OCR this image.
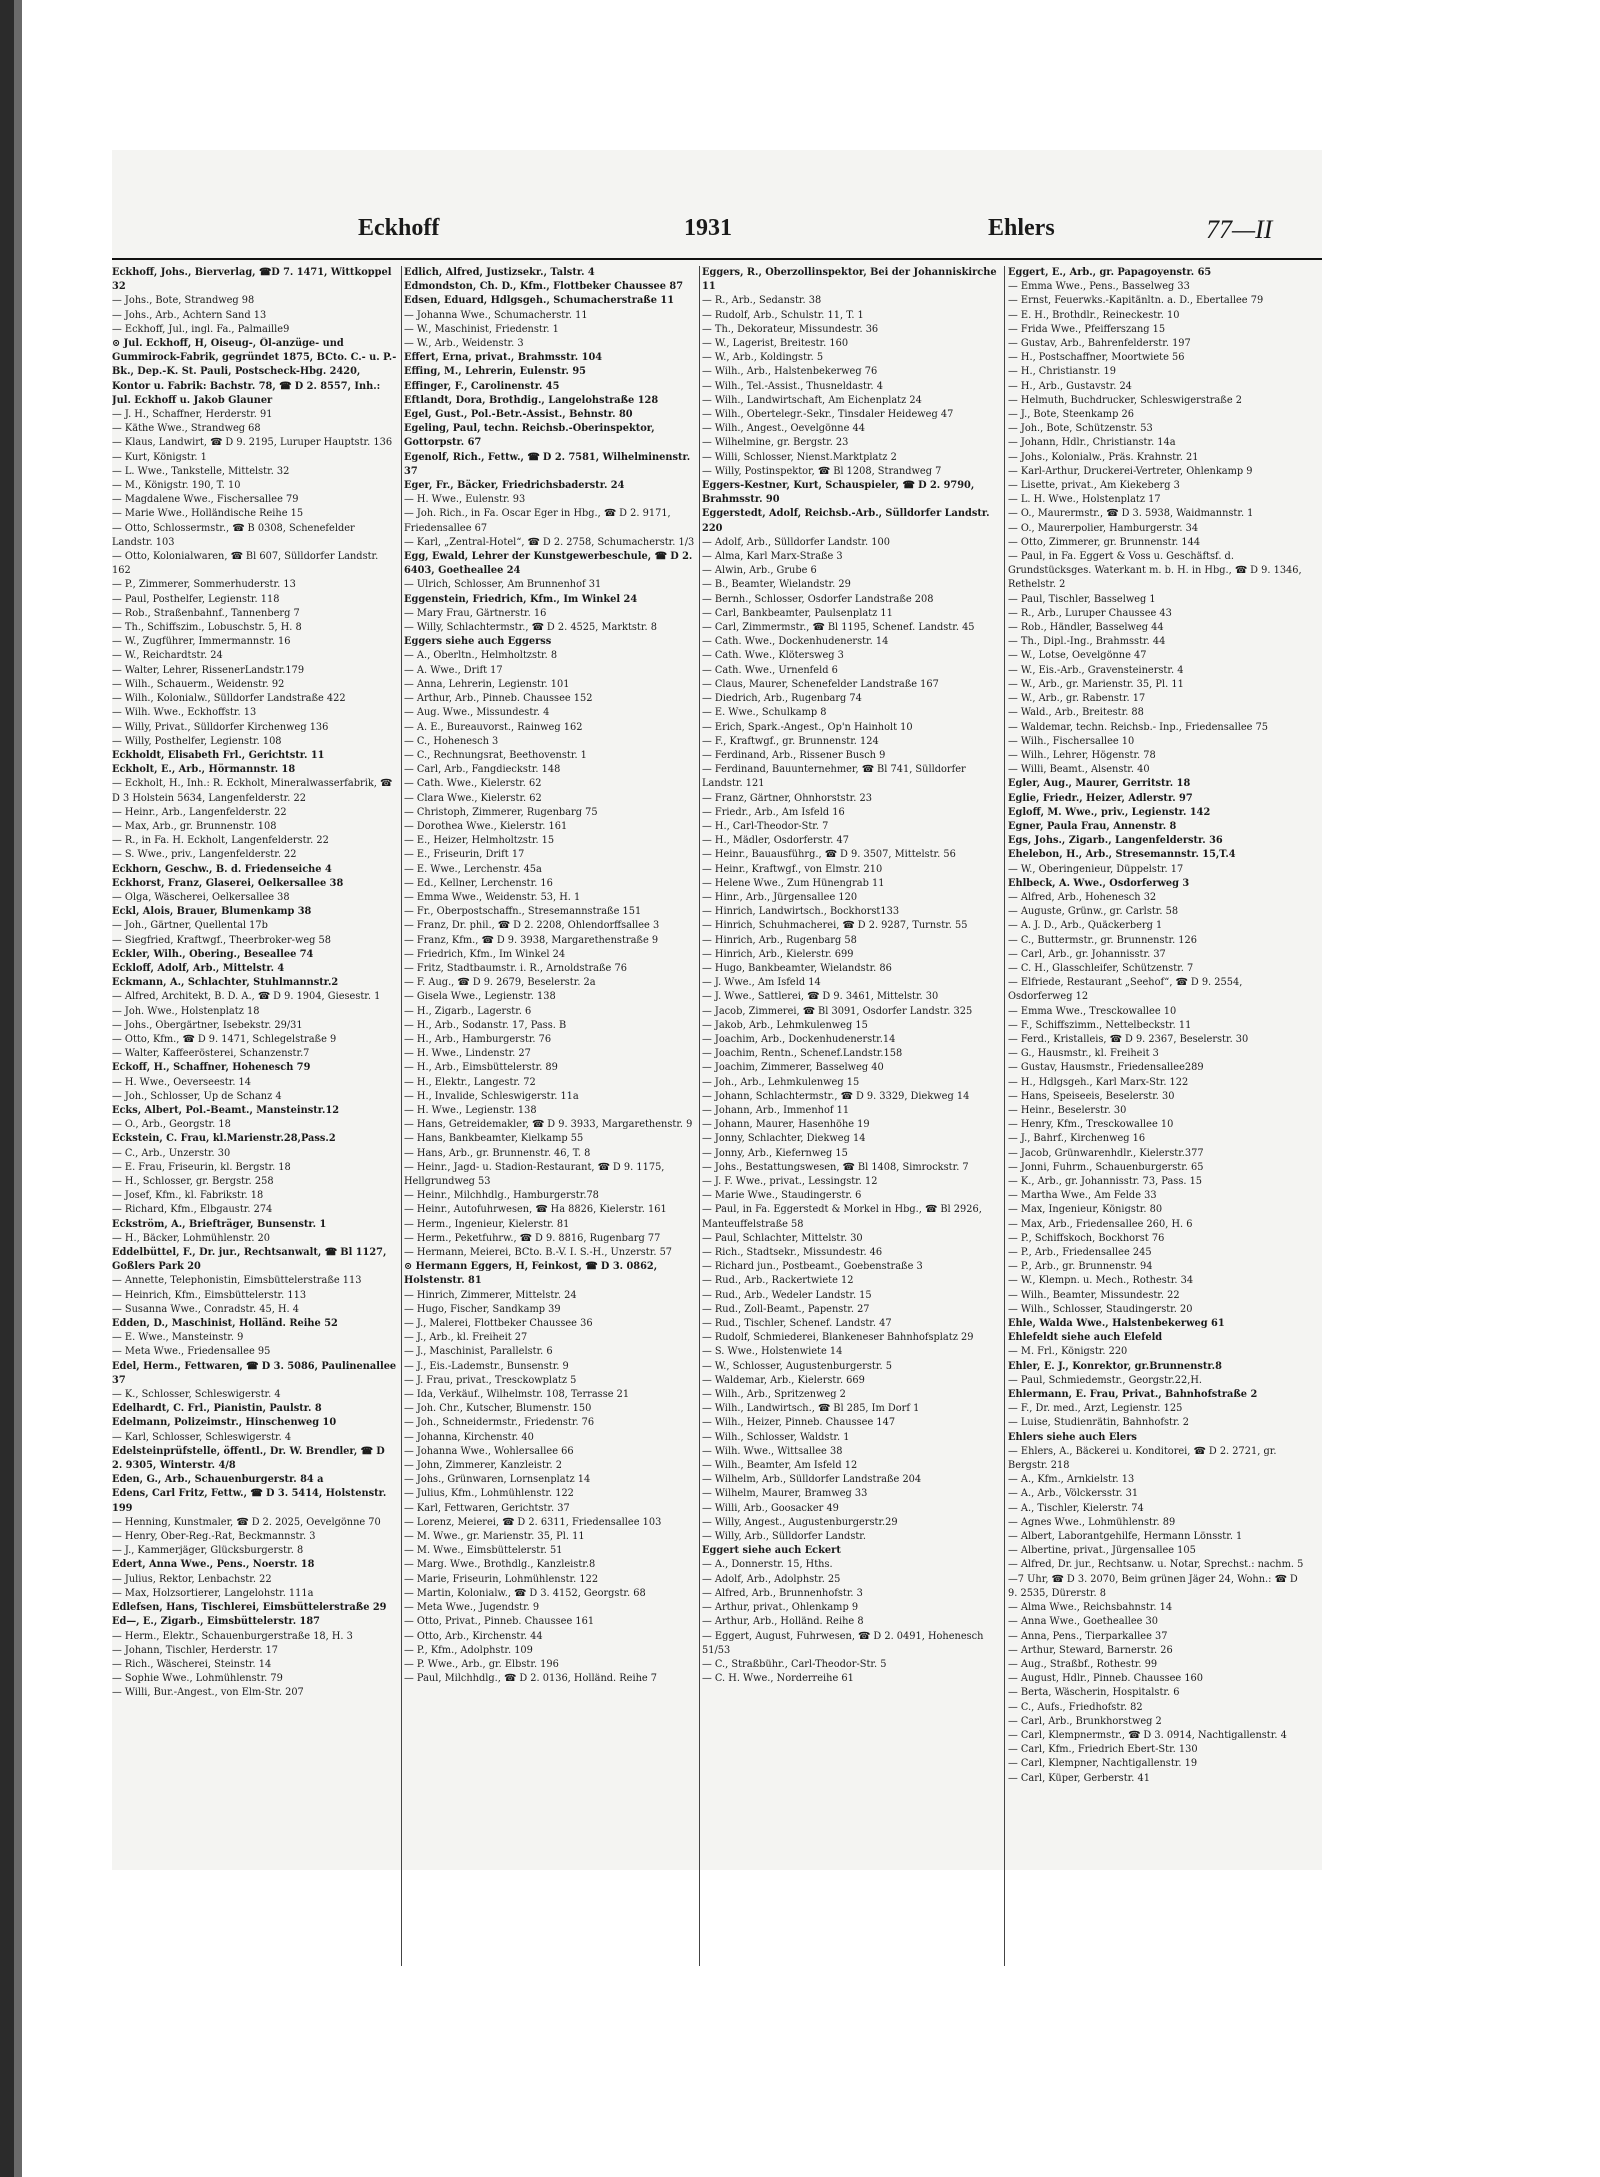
Eckhoff	1931	Ehlers	77—II
Eckhoff, Johs., Bierverlag, ☎D 7. 1471, Wittkoppel 32
— Johs., Bote, Strandweg 98
— Johs., Arb., Achtern Sand 13
— Eckhoff, Jul., ingl. Fa., Palmaille9
⊙ Jul. Eckhoff, H, Oiseug-, Öl-anzüge- und Gummirock-Fabrik, gegründet 1875, BCto. C.- u. P.-Bk., Dep.-K. St. Pauli, Postscheck-Hbg. 2420, Kontor u. Fabrik: Bachstr. 78, ☎ D 2. 8557, Inh.: Jul. Eckhoff u. Jakob Glauner
— J. H., Schaffner, Herderstr. 91
— Käthe Wwe., Strandweg 68
— Klaus, Landwirt, ☎ D 9. 2195, Luruper Hauptstr. 136
— Kurt, Königstr. 1
— L. Wwe., Tankstelle, Mittelstr. 32
— M., Königstr. 190, T. 10
— Magdalene Wwe., Fischersallee 79
— Marie Wwe., Holländische Reihe 15
— Otto, Schlossermstr., ☎ B 0308, Schenefelder Landstr. 103
— Otto, Kolonialwaren, ☎ Bl 607, Sülldorfer Landstr. 162
— P., Zimmerer, Sommerhuderstr. 13
— Paul, Posthelfer, Legienstr. 118
— Rob., Straßenbahnf., Tannenberg 7
— Th., Schiffszim., Lobuschstr. 5, H. 8
— W., Zugführer, Immermannstr. 16
— W., Reichardtstr. 24
— Walter, Lehrer, RissenerLandstr.179
— Wilh., Schauerm., Weidenstr. 92
— Wilh., Kolonialw., Sülldorfer Landstraße 422
— Wilh. Wwe., Eckhoffstr. 13
— Willy, Privat., Sülldorfer Kirchenweg 136
— Willy, Posthelfer, Legienstr. 108
Eckholdt, Elisabeth Frl., Gerichtstr. 11
Eckholt, E., Arb., Hörmannstr. 18
— Eckholt, H., Inh.: R. Eckholt, Mineralwasserfabrik, ☎ D 3 Holstein 5634, Langenfelderstr. 22
— Heinr., Arb., Langenfelderstr. 22
— Max, Arb., gr. Brunnenstr. 108
— R., in Fa. H. Eckholt, Langenfelderstr. 22
— S. Wwe., priv., Langenfelderstr. 22
Eckhorn, Geschw., B. d. Friedenseiche 4
Eckhorst, Franz, Glaserei, Oelkersallee 38
— Olga, Wäscherei, Oelkersallee 38
Eckl, Alois, Brauer, Blumenkamp 38
— Joh., Gärtner, Quellental 17b
— Siegfried, Kraftwgf., Theerbroker-weg 58
Eckler, Wilh., Obering., Beseallee 74
Eckloff, Adolf, Arb., Mittelstr. 4
Eckmann, A., Schlachter, Stuhlmannstr.2
— Alfred, Architekt, B. D. A., ☎ D 9. 1904, Giesestr. 1
— Joh. Wwe., Holstenplatz 18
— Johs., Obergärtner, Isebekstr. 29/31
— Otto, Kfm., ☎ D 9. 1471, Schlegelstraße 9
— Walter, Kaffeerösterei, Schanzenstr.7
Eckoff, H., Schaffner, Hohenesch 79
— H. Wwe., Oeverseestr. 14
— Joh., Schlosser, Up de Schanz 4
Ecks, Albert, Pol.-Beamt., Mansteinstr.12
— O., Arb., Georgstr. 18
Eckstein, C. Frau, kl.Marienstr.28,Pass.2
— C., Arb., Unzerstr. 30
— E. Frau, Friseurin, kl. Bergstr. 18
— H., Schlosser, gr. Bergstr. 258
— Josef, Kfm., kl. Fabrikstr. 18
— Richard, Kfm., Elbgaustr. 274
Eckström, A., Briefträger, Bunsenstr. 1
— H., Bäcker, Lohmühlenstr. 20
Eddelbüttel, F., Dr. jur., Rechtsanwalt, ☎ Bl 1127, Goßlers Park 20
— Annette, Telephonistin, Eimsbüttelerstraße 113
— Heinrich, Kfm., Eimsbüttelerstr. 113
— Susanna Wwe., Conradstr. 45, H. 4
Edden, D., Maschinist, Holländ. Reihe 52
— E. Wwe., Mansteinstr. 9
— Meta Wwe., Friedensallee 95
Edel, Herm., Fettwaren, ☎ D 3. 5086, Paulinenallee 37
— K., Schlosser, Schleswigerstr. 4
Edelhardt, C. Frl., Pianistin, Paulstr. 8
Edelmann, Polizeimstr., Hinschenweg 10
— Karl, Schlosser, Schleswigerstr. 4
Edelsteinprüfstelle, öffentl., Dr. W. Brendler, ☎ D 2. 9305, Winterstr. 4/8
Eden, G., Arb., Schauenburgerstr. 84 a
Edens, Carl Fritz, Fettw., ☎ D 3. 5414, Holstenstr. 199
— Henning, Kunstmaler, ☎ D 2. 2025, Oevelgönne 70
— Henry, Ober-Reg.-Rat, Beckmannstr. 3
— J., Kammerjäger, Glücksburgerstr. 8
Edert, Anna Wwe., Pens., Noerstr. 18
— Julius, Rektor, Lenbachstr. 22
— Max, Holzsortierer, Langelohstr. 111a
Edlefsen, Hans, Tischlerei, Eimsbüttelerstraße 29
Ed—, E., Zigarb., Eimsbüttelerstr. 187
— Herm., Elektr., Schauenburgerstraße 18, H. 3
— Johann, Tischler, Herderstr. 17
— Rich., Wäscherei, Steinstr. 14
— Sophie Wwe., Lohmühlenstr. 79
— Willi, Bur.-Angest., von Elm-Str. 207
Edlich, Alfred, Justizsekr., Talstr. 4
Edmondston, Ch. D., Kfm., Flottbeker Chaussee 87
Edsen, Eduard, Hdlgsgeh., Schumacherstraße 11
— Johanna Wwe., Schumacherstr. 11
— W., Maschinist, Friedenstr. 1
— W., Arb., Weidenstr. 3
Effert, Erna, privat., Brahmsstr. 104
Effing, M., Lehrerin, Eulenstr. 95
Effinger, F., Carolinenstr. 45
Eftlandt, Dora, Brothdig., Langelohstraße 128
Egel, Gust., Pol.-Betr.-Assist., Behnstr. 80
Egeling, Paul, techn. Reichsb.-Oberinspektor, Gottorpstr. 67
Egenolf, Rich., Fettw., ☎ D 2. 7581, Wilhelminenstr. 37
Eger, Fr., Bäcker, Friedrichsbaderstr. 24
— H. Wwe., Eulenstr. 93
— Joh. Rich., in Fa. Oscar Eger in Hbg., ☎ D 2. 9171, Friedensallee 67
— Karl, „Zentral-Hotel“, ☎ D 2. 2758, Schumacherstr. 1/3
Egg, Ewald, Lehrer der Kunstgewerbeschule, ☎ D 2. 6403, Goetheallee 24
— Ulrich, Schlosser, Am Brunnenhof 31
Eggenstein, Friedrich, Kfm., Im Winkel 24
— Mary Frau, Gärtnerstr. 16
— Willy, Schlachtermstr., ☎ D 2. 4525, Marktstr. 8
Eggers siehe auch Eggerss
— A., Oberltn., Helmholtzstr. 8
— A. Wwe., Drift 17
— Anna, Lehrerin, Legienstr. 101
— Arthur, Arb., Pinneb. Chaussee 152
— Aug. Wwe., Missundestr. 4
— A. E., Bureauvorst., Rainweg 162
— C., Hohenesch 3
— C., Rechnungsrat, Beethovenstr. 1
— Carl, Arb., Fangdieckstr. 148
— Cath. Wwe., Kielerstr. 62
— Clara Wwe., Kielerstr. 62
— Christoph, Zimmerer, Rugenbarg 75
— Dorothea Wwe., Kielerstr. 161
— E., Heizer, Helmholtzstr. 15
— E., Friseurin, Drift 17
— E. Wwe., Lerchenstr. 45a
— Ed., Kellner, Lerchenstr. 16
— Emma Wwe., Weidenstr. 53, H. 1
— Fr., Oberpostschaffn., Stresemannstraße 151
— Franz, Dr. phil., ☎ D 2. 2208, Ohlendorffsallee 3
— Franz, Kfm., ☎ D 9. 3938, Margarethenstraße 9
— Friedrich, Kfm., Im Winkel 24
— Fritz, Stadtbaumstr. i. R., Arnoldstraße 76
— F. Aug., ☎ D 9. 2679, Beselerstr. 2a
— Gisela Wwe., Legienstr. 138
— H., Zigarb., Lagerstr. 6
— H., Arb., Sodanstr. 17, Pass. B
— H., Arb., Hamburgerstr. 76
— H. Wwe., Lindenstr. 27
— H., Arb., Eimsbüttelerstr. 89
— H., Elektr., Langestr. 72
— H., Invalide, Schleswigerstr. 11a
— H. Wwe., Legienstr. 138
— Hans, Getreidemakler, ☎ D 9. 3933, Margarethenstr. 9
— Hans, Bankbeamter, Kielkamp 55
— Hans, Arb., gr. Brunnenstr. 46, T. 8
— Heinr., Jagd- u. Stadion-Restaurant, ☎ D 9. 1175, Hellgrundweg 53
— Heinr., Milchhdlg., Hamburgerstr.78
— Heinr., Autofuhrwesen, ☎ Ha 8826, Kielerstr. 161
— Herm., Ingenieur, Kielerstr. 81
— Herm., Peketfuhrw., ☎ D 9. 8816, Rugenbarg 77
— Hermann, Meierei, BCto. B.-V. I. S.-H., Unzerstr. 57
⊙ Hermann Eggers, H, Feinkost, ☎ D 3. 0862, Holstenstr. 81
— Hinrich, Zimmerer, Mittelstr. 24
— Hugo, Fischer, Sandkamp 39
— J., Malerei, Flottbeker Chaussee 36
— J., Arb., kl. Freiheit 27
— J., Maschinist, Parallelstr. 6
— J., Eis.-Lademstr., Bunsenstr. 9
— J. Frau, privat., Tresckowplatz 5
— Ida, Verkäuf., Wilhelmstr. 108, Terrasse 21
— Joh. Chr., Kutscher, Blumenstr. 150
— Joh., Schneidermstr., Friedenstr. 76
— Johanna, Kirchenstr. 40
— Johanna Wwe., Wohlersallee 66
— John, Zimmerer, Kanzleistr. 2
— Johs., Grünwaren, Lornsenplatz 14
— Julius, Kfm., Lohmühlenstr. 122
— Karl, Fettwaren, Gerichtstr. 37
— Lorenz, Meierei, ☎ D 2. 6311, Friedensallee 103
— M. Wwe., gr. Marienstr. 35, Pl. 11
— M. Wwe., Eimsbüttelerstr. 51
— Marg. Wwe., Brothdlg., Kanzleistr.8
— Marie, Friseurin, Lohmühlenstr. 122
— Martin, Kolonialw., ☎ D 3. 4152, Georgstr. 68
— Meta Wwe., Jugendstr. 9
— Otto, Privat., Pinneb. Chaussee 161
— Otto, Arb., Kirchenstr. 44
— P., Kfm., Adolphstr. 109
— P. Wwe., Arb., gr. Elbstr. 196
— Paul, Milchhdlg., ☎ D 2. 0136, Holländ. Reihe 7
Eggers, R., Oberzollinspektor, Bei der Johanniskirche 11
— R., Arb., Sedanstr. 38
— Rudolf, Arb., Schulstr. 11, T. 1
— Th., Dekorateur, Missundestr. 36
— W., Lagerist, Breitestr. 160
— W., Arb., Koldingstr. 5
— Wilh., Arb., Halstenbekerweg 76
— Wilh., Tel.-Assist., Thusneldastr. 4
— Wilh., Landwirtschaft, Am Eichenplatz 24
— Wilh., Obertelegr.-Sekr., Tinsdaler Heideweg 47
— Wilh., Angest., Oevelgönne 44
— Wilhelmine, gr. Bergstr. 23
— Willi, Schlosser, Nienst.Marktplatz 2
— Willy, Postinspektor, ☎ Bl 1208, Strandweg 7
Eggers-Kestner, Kurt, Schauspieler, ☎ D 2. 9790, Brahmsstr. 90
Eggerstedt, Adolf, Reichsb.-Arb., Sülldorfer Landstr. 220
— Adolf, Arb., Sülldorfer Landstr. 100
— Alma, Karl Marx-Straße 3
— Alwin, Arb., Grube 6
— B., Beamter, Wielandstr. 29
— Bernh., Schlosser, Osdorfer Landstraße 208
— Carl, Bankbeamter, Paulsenplatz 11
— Carl, Zimmermstr., ☎ Bl 1195, Schenef. Landstr. 45
— Cath. Wwe., Dockenhudenerstr. 14
— Cath. Wwe., Klötersweg 3
— Cath. Wwe., Urnenfeld 6
— Claus, Maurer, Schenefelder Landstraße 167
— Diedrich, Arb., Rugenbarg 74
— E. Wwe., Schulkamp 8
— Erich, Spark.-Angest., Op'n Hainholt 10
— F., Kraftwgf., gr. Brunnenstr. 124
— Ferdinand, Arb., Rissener Busch 9
— Ferdinand, Bauunternehmer, ☎ Bl 741, Sülldorfer Landstr. 121
— Franz, Gärtner, Ohnhorststr. 23
— Friedr., Arb., Am Isfeld 16
— H., Carl-Theodor-Str. 7
— H., Mädler, Osdorferstr. 47
— Heinr., Bauausführg., ☎ D 9. 3507, Mittelstr. 56
— Heinr., Kraftwgf., von Elmstr. 210
— Helene Wwe., Zum Hünengrab 11
— Hinr., Arb., Jürgensallee 120
— Hinrich, Landwirtsch., Bockhorst133
— Hinrich, Schuhmacherei, ☎ D 2. 9287, Turnstr. 55
— Hinrich, Arb., Rugenbarg 58
— Hinrich, Arb., Kielerstr. 699
— Hugo, Bankbeamter, Wielandstr. 86
— J. Wwe., Am Isfeld 14
— J. Wwe., Sattlerei, ☎ D 9. 3461, Mittelstr. 30
— Jacob, Zimmerei, ☎ Bl 3091, Osdorfer Landstr. 325
— Jakob, Arb., Lehmkulenweg 15
— Joachim, Arb., Dockenhudenerstr.14
— Joachim, Rentn., Schenef.Landstr.158
— Joachim, Zimmerer, Basselweg 40
— Joh., Arb., Lehmkulenweg 15
— Johann, Schlachtermstr., ☎ D 9. 3329, Diekweg 14
— Johann, Arb., Immenhof 11
— Johann, Maurer, Hasenhöhe 19
— Jonny, Schlachter, Diekweg 14
— Jonny, Arb., Kiefernweg 15
— Johs., Bestattungswesen, ☎ Bl 1408, Simrockstr. 7
— J. F. Wwe., privat., Lessingstr. 12
— Marie Wwe., Staudingerstr. 6
— Paul, in Fa. Eggerstedt & Morkel in Hbg., ☎ Bl 2926, Manteuffelstraße 58
— Paul, Schlachter, Mittelstr. 30
— Rich., Stadtsekr., Missundestr. 46
— Richard jun., Postbeamt., Goebenstraße 3
— Rud., Arb., Rackertwiete 12
— Rud., Arb., Wedeler Landstr. 15
— Rud., Zoll-Beamt., Papenstr. 27
— Rud., Tischler, Schenef. Landstr. 47
— Rudolf, Schmiederei, Blankeneser Bahnhofsplatz 29
— S. Wwe., Holstenwiete 14
— W., Schlosser, Augustenburgerstr. 5
— Waldemar, Arb., Kielerstr. 669
— Wilh., Arb., Spritzenweg 2
— Wilh., Landwirtsch., ☎ Bl 285, Im Dorf 1
— Wilh., Heizer, Pinneb. Chaussee 147
— Wilh., Schlosser, Waldstr. 1
— Wilh. Wwe., Wittsallee 38
— Wilh., Beamter, Am Isfeld 12
— Wilhelm, Arb., Sülldorfer Landstraße 204
— Wilhelm, Maurer, Bramweg 33
— Willi, Arb., Goosacker 49
— Willy, Angest., Augustenburgerstr.29
— Willy, Arb., Sülldorfer Landstr.
Eggert siehe auch Eckert
— A., Donnerstr. 15, Hths.
— Adolf, Arb., Adolphstr. 25
— Alfred, Arb., Brunnenhofstr. 3
— Arthur, privat., Ohlenkamp 9
— Arthur, Arb., Holländ. Reihe 8
— Eggert, August, Fuhrwesen, ☎ D 2. 0491, Hohenesch 51/53
— C., Straßbühr., Carl-Theodor-Str. 5
— C. H. Wwe., Norderreihe 61
Eggert, E., Arb., gr. Papagoyenstr. 65
— Emma Wwe., Pens., Basselweg 33
— Ernst, Feuerwks.-Kapitänltn. a. D., Ebertallee 79
— E. H., Brothdlr., Reineckestr. 10
— Frida Wwe., Pfeifferszang 15
— Gustav, Arb., Bahrenfelderstr. 197
— H., Postschaffner, Moortwiete 56
— H., Christianstr. 19
— H., Arb., Gustavstr. 24
— Helmuth, Buchdrucker, Schleswigerstraße 2
— J., Bote, Steenkamp 26
— Joh., Bote, Schützenstr. 53
— Johann, Hdlr., Christianstr. 14a
— Johs., Kolonialw., Präs. Krahnstr. 21
— Karl-Arthur, Druckerei-Vertreter, Ohlenkamp 9
— Lisette, privat., Am Kiekeberg 3
— L. H. Wwe., Holstenplatz 17
— O., Maurermstr., ☎ D 3. 5938, Waidmannstr. 1
— O., Maurerpolier, Hamburgerstr. 34
— Otto, Zimmerer, gr. Brunnenstr. 144
— Paul, in Fa. Eggert & Voss u. Geschäftsf. d. Grundstücksges. Waterkant m. b. H. in Hbg., ☎ D 9. 1346, Rethelstr. 2
— Paul, Tischler, Basselweg 1
— R., Arb., Luruper Chaussee 43
— Rob., Händler, Basselweg 44
— Th., Dipl.-Ing., Brahmsstr. 44
— W., Lotse, Oevelgönne 47
— W., Eis.-Arb., Gravensteinerstr. 4
— W., Arb., gr. Marienstr. 35, Pl. 11
— W., Arb., gr. Rabenstr. 17
— Wald., Arb., Breitestr. 88
— Waldemar, techn. Reichsb.- Inp., Friedensallee 75
— Wilh., Fischersallee 10
— Wilh., Lehrer, Högenstr. 78
— Willi, Beamt., Alsenstr. 40
Egler, Aug., Maurer, Gerritstr. 18
Eglie, Friedr., Heizer, Adlerstr. 97
Egloff, M. Wwe., priv., Legienstr. 142
Egner, Paula Frau, Annenstr. 8
Egs, Johs., Zigarb., Langenfelderstr. 36
Ehelebon, H., Arb., Stresemannstr. 15,T.4
— W., Oberingenieur, Düppelstr. 17
Ehlbeck, A. Wwe., Osdorferweg 3
— Alfred, Arb., Hohenesch 32
— Auguste, Grünw., gr. Carlstr. 58
— A. J. D., Arb., Quäckerberg 1
— C., Buttermstr., gr. Brunnenstr. 126
— Carl, Arb., gr. Johannisstr. 37
— C. H., Glasschleifer, Schützenstr. 7
— Elfriede, Restaurant „Seehof“, ☎ D 9. 2554, Osdorferweg 12
— Emma Wwe., Tresckowallee 10
— F., Schiffszimm., Nettelbeckstr. 11
— Ferd., Kristalleis, ☎ D 9. 2367, Beselerstr. 30
— G., Hausmstr., kl. Freiheit 3
— Gustav, Hausmstr., Friedensallee289
— H., Hdlgsgeh., Karl Marx-Str. 122
— Hans, Speiseeis, Beselerstr. 30
— Heinr., Beselerstr. 30
— Henry, Kfm., Tresckowallee 10
— J., Bahrf., Kirchenweg 16
— Jacob, Grünwarenhdlr., Kielerstr.377
— Jonni, Fuhrm., Schauenburgerstr. 65
— K., Arb., gr. Johannisstr. 73, Pass. 15
— Martha Wwe., Am Felde 33
— Max, Ingenieur, Königstr. 80
— Max, Arb., Friedensallee 260, H. 6
— P., Schiffskoch, Bockhorst 76
— P., Arb., Friedensallee 245
— P., Arb., gr. Brunnenstr. 94
— W., Klempn. u. Mech., Rothestr. 34
— Wilh., Beamter, Missundestr. 22
— Wilh., Schlosser, Staudingerstr. 20
Ehle, Walda Wwe., Halstenbekerweg 61
Ehlefeldt siehe auch Elefeld
— M. Frl., Königstr. 220
Ehler, E. J., Konrektor, gr.Brunnenstr.8
— Paul, Schmiedemstr., Georgstr.22,H.
Ehlermann, E. Frau, Privat., Bahnhofstraße 2
— F., Dr. med., Arzt, Legienstr. 125
— Luise, Studienrätin, Bahnhofstr. 2
Ehlers siehe auch Elers
— Ehlers, A., Bäckerei u. Konditorei, ☎ D 2. 2721, gr. Bergstr. 218
— A., Kfm., Arnkielstr. 13
— A., Arb., Völckersstr. 31
— A., Tischler, Kielerstr. 74
— Agnes Wwe., Lohmühlenstr. 89
— Albert, Laborantgehilfe, Hermann Lönsstr. 1
— Albertine, privat., Jürgensallee 105
— Alfred, Dr. jur., Rechtsanw. u. Notar, Sprechst.: nachm. 5—7 Uhr, ☎ D 3. 2070, Beim grünen Jäger 24, Wohn.: ☎ D 9. 2535, Dürerstr. 8
— Alma Wwe., Reichsbahnstr. 14
— Anna Wwe., Goetheallee 30
— Anna, Pens., Tierparkallee 37
— Arthur, Steward, Barnerstr. 26
— Aug., Straßbf., Rothestr. 99
— August, Hdlr., Pinneb. Chaussee 160
— Berta, Wäscherin, Hospitalstr. 6
— C., Aufs., Friedhofstr. 82
— Carl, Arb., Brunkhorstweg 2
— Carl, Klempnermstr., ☎ D 3. 0914, Nachtigallenstr. 4
— Carl, Kfm., Friedrich Ebert-Str. 130
— Carl, Klempner, Nachtigallenstr. 19
— Carl, Küper, Gerberstr. 41
